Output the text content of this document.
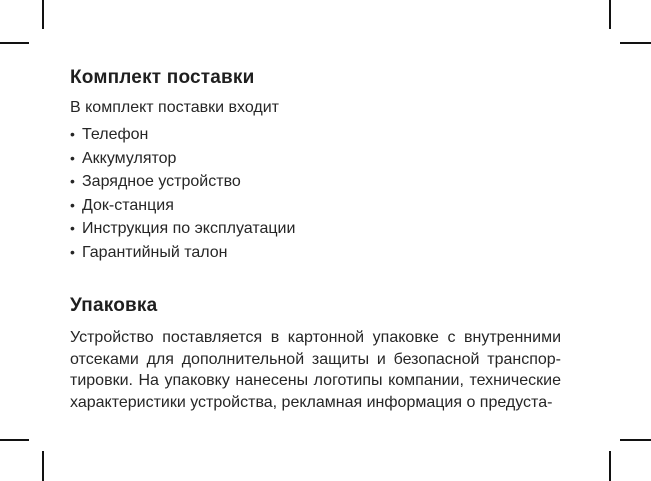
Комплект поставки
В комплект поставки входит
• Телефон
• Аккумулятор
• Зарядное устройство
• Док-станция
• Инструкция по эксплуатации
• Гарантийный талон
Упаковка
Устройство поставляется в картонной упаковке с внутренними
отсеками для дополнительной защиты и безопасной транспор-
тировки. На упаковку нанесены логотипы компании, технические
характеристики устройства, рекламная информация о предуста-
